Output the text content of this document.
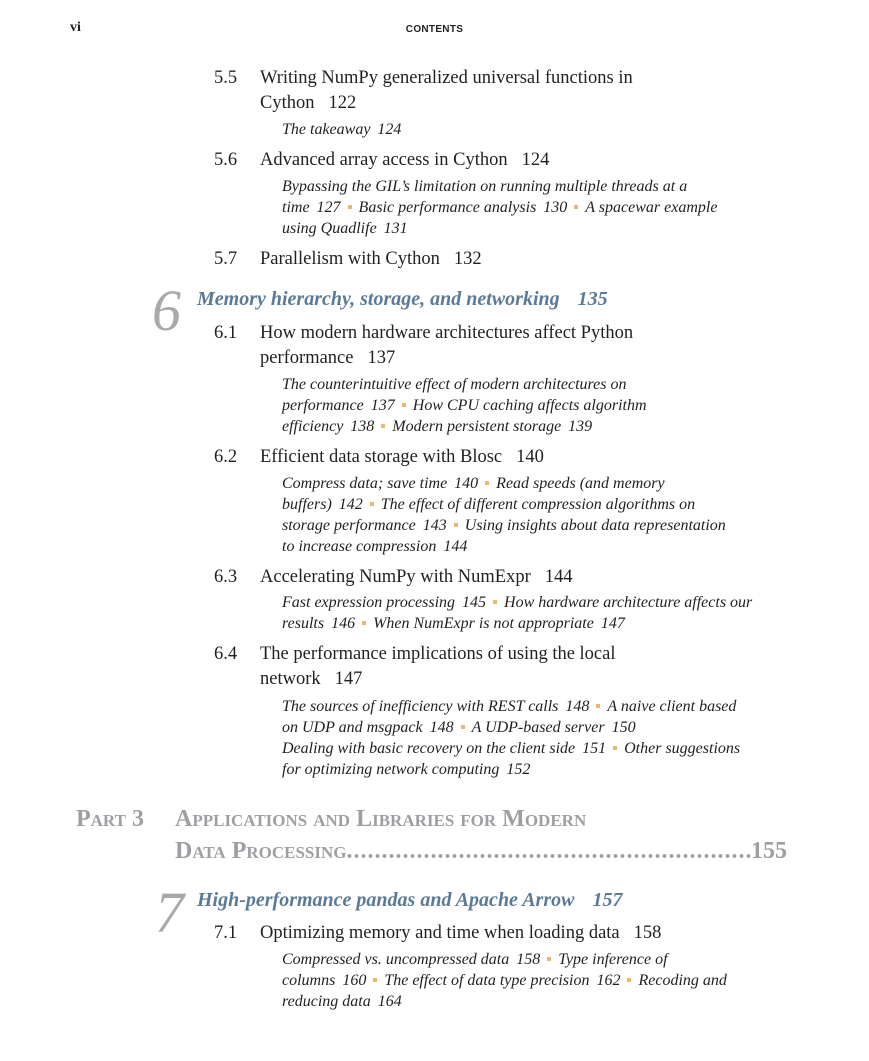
vi	CONTENTS
5.5 Writing NumPy generalized universal functions in Cython 122
The takeaway 124
5.6 Advanced array access in Cython 124
Bypassing the GIL’s limitation on running multiple threads at a time 127 Basic performance analysis 130 A spacewar example using Quadlife 131
5.7 Parallelism with Cython 132
6 Memory hierarchy, storage, and networking 135
6.1 How modern hardware architectures affect Python performance 137
The counterintuitive effect of modern architectures on performance 137 How CPU caching affects algorithm efficiency 138 Modern persistent storage 139
6.2 Efficient data storage with Blosc 140
Compress data; save time 140 Read speeds (and memory buffers) 142 The effect of different compression algorithms on storage performance 143 Using insights about data representation to increase compression 144
6.3 Accelerating NumPy with NumExpr 144
Fast expression processing 145 How hardware architecture affects our results 146 When NumExpr is not appropriate 147
6.4 The performance implications of using the local network 147
The sources of inefficiency with REST calls 148 A naive client based on UDP and msgpack 148 A UDP-based server 150
Dealing with basic recovery on the client side 151 Other suggestions for optimizing network computing 152
Part 3 Applications and Libraries for Modern
Data Processing
.....	155
7 High-performance pandas and Apache Arrow 157
7.1 Optimizing memory and time when loading data 158
Compressed vs. uncompressed data 158 Type inference of columns 160 The effect of data type precision 162 Recoding and reducing data 164
